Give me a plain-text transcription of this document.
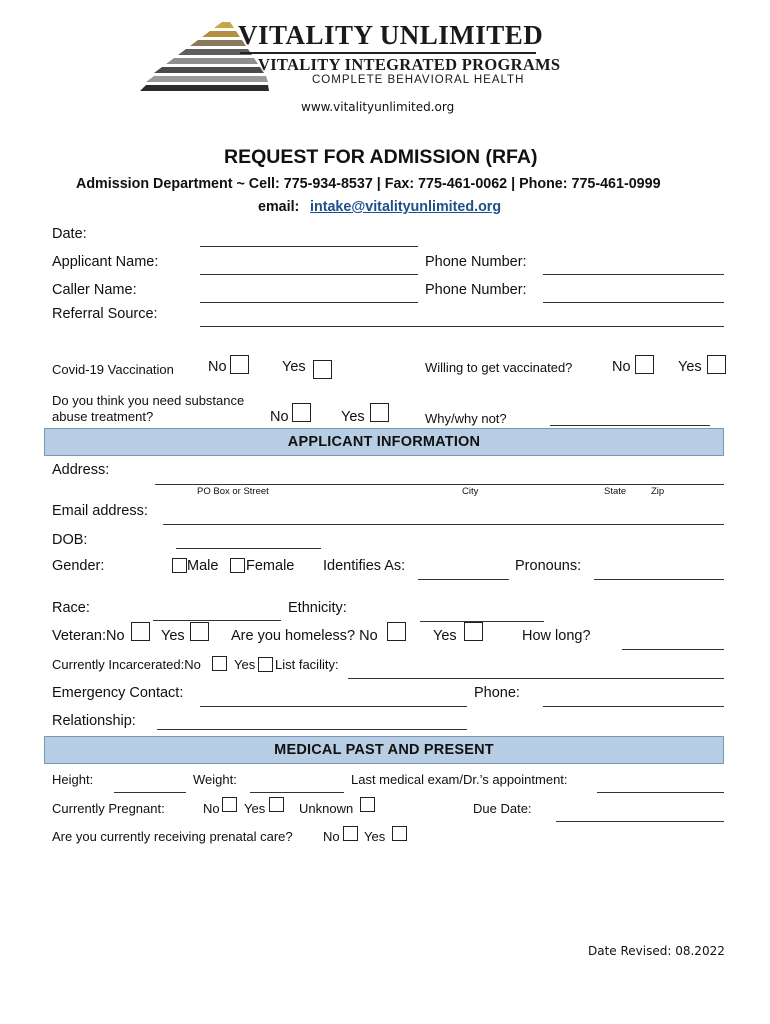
VITALITY UNLIMITED
VITALITY INTEGRATED PROGRAMS
COMPLETE BEHAVIORAL HEALTH
www.vitalityunlimited.org
REQUEST FOR ADMISSION (RFA)
Admission Department ~ Cell: 775-934-8537 | Fax: 775-461-0062 | Phone: 775-461-0999
email: intake@vitalityunlimited.org
Date:
Applicant Name:	Phone Number:
Caller Name:	Phone Number:
Referral Source:
Covid-19 Vaccination No	Yes	Willing to get vaccinated?	No	Yes
Do you think you need substance
abuse treatment?	No	Yes	Why/why not?
APPLICANT INFORMATION
Address:
PO Box or Street	City	State	Zip
Email address:
DOB:
Gender:	Male Female Identifies As:	Pronouns:
Race:	Ethnicity:
Veteran:No	Yes	Are you homeless? No	Yes	How long?
Currently Incarcerated:No	Yes List facility:
Emergency Contact:	Phone:
Relationship:
MEDICAL PAST AND PRESENT
Height:	Weight:	Last medical exam/Dr.’s appointment:
Currently Pregnant:	No Yes	Unknown	Due Date:
Are you currently receiving prenatal care? No Yes
Date Revised: 08.2022
